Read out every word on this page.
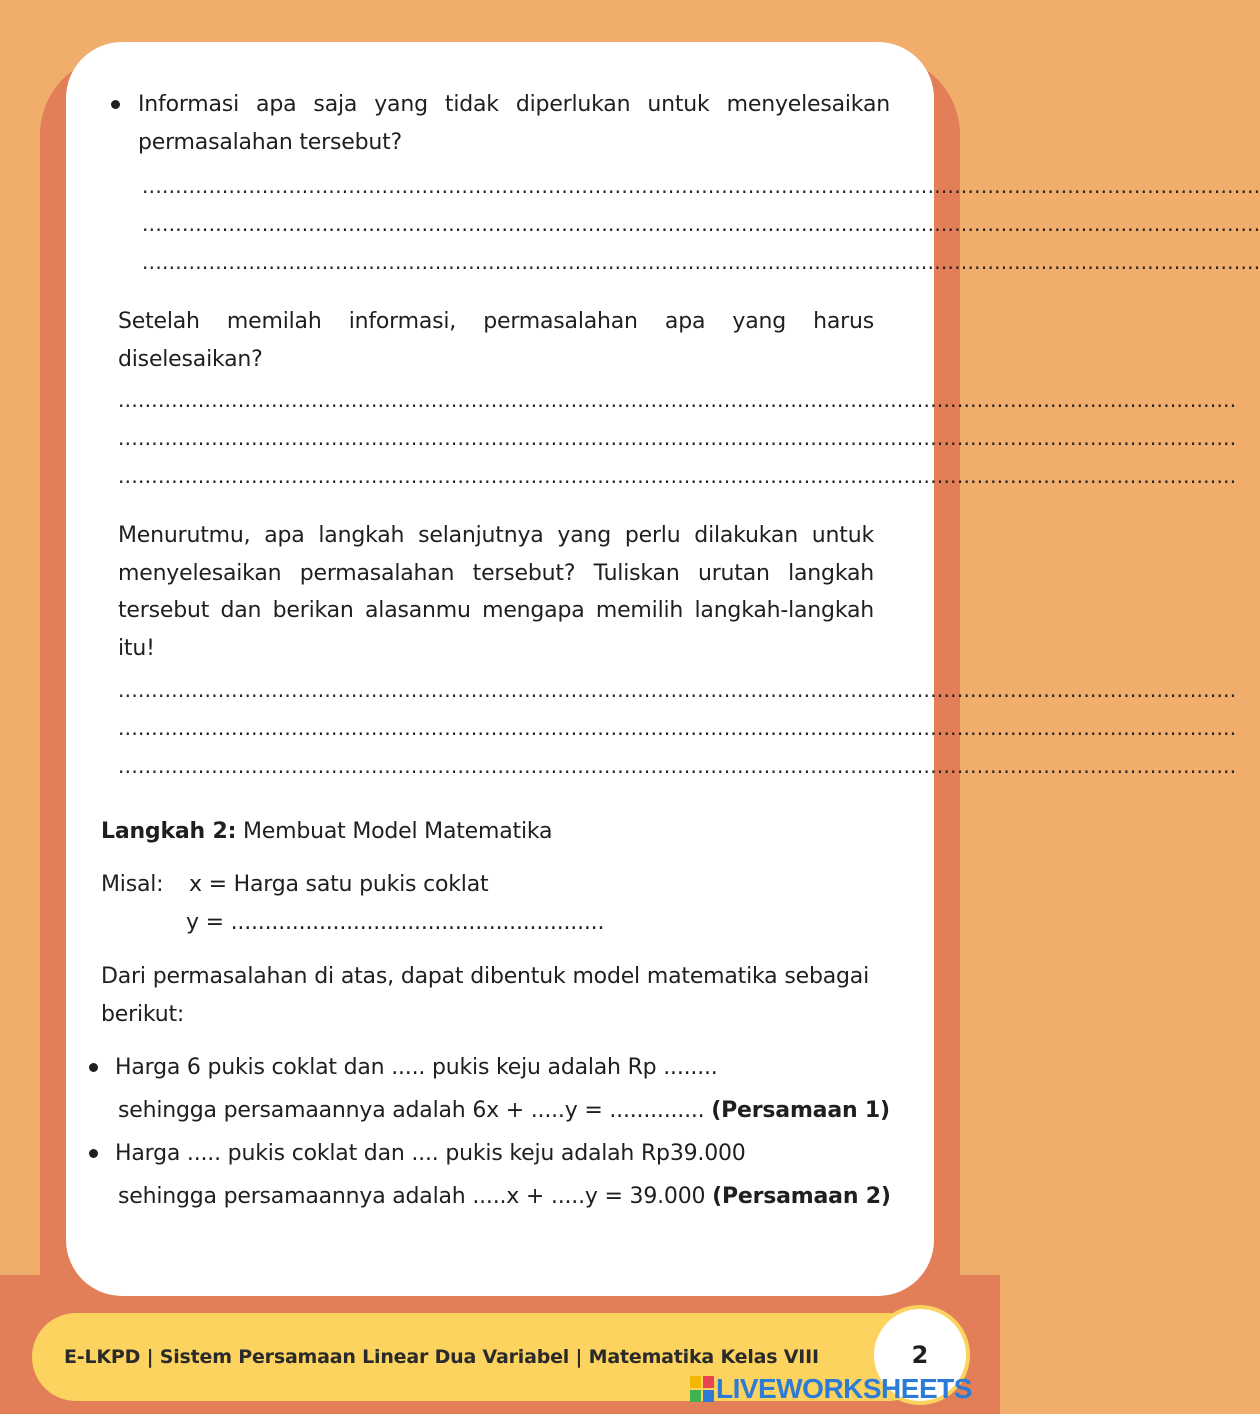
Informasi apa saja yang tidak diperlukan untuk menyelesaikan permasalahan tersebut?
........................................................................................................................................................................
........................................................................................................................................................................
........................................................................................................................................................................
Setelah memilah informasi, permasalahan apa yang harus diselesaikan?
........................................................................................................................................................................
........................................................................................................................................................................
........................................................................................................................................................................
Menurutmu, apa langkah selanjutnya yang perlu dilakukan untuk menyelesaikan permasalahan tersebut? Tuliskan urutan langkah tersebut dan berikan alasanmu mengapa memilih langkah-langkah itu!
........................................................................................................................................................................
........................................................................................................................................................................
........................................................................................................................................................................
Langkah 2: Membuat Model Matematika
Misal: x = Harga satu pukis coklat
y = .......................................................
Dari permasalahan di atas, dapat dibentuk model matematika sebagai berikut:
Harga 6 pukis coklat dan ..... pukis keju adalah Rp ........
sehingga persamaannya adalah 6x + .....y = .............. (Persamaan 1)
Harga ..... pukis coklat dan .... pukis keju adalah Rp39.000
sehingga persamaannya adalah .....x + .....y = 39.000 (Persamaan 2)
E-LKPD | Sistem Persamaan Linear Dua Variabel | Matematika Kelas VIII	2
LIVEWORKSHEETS
